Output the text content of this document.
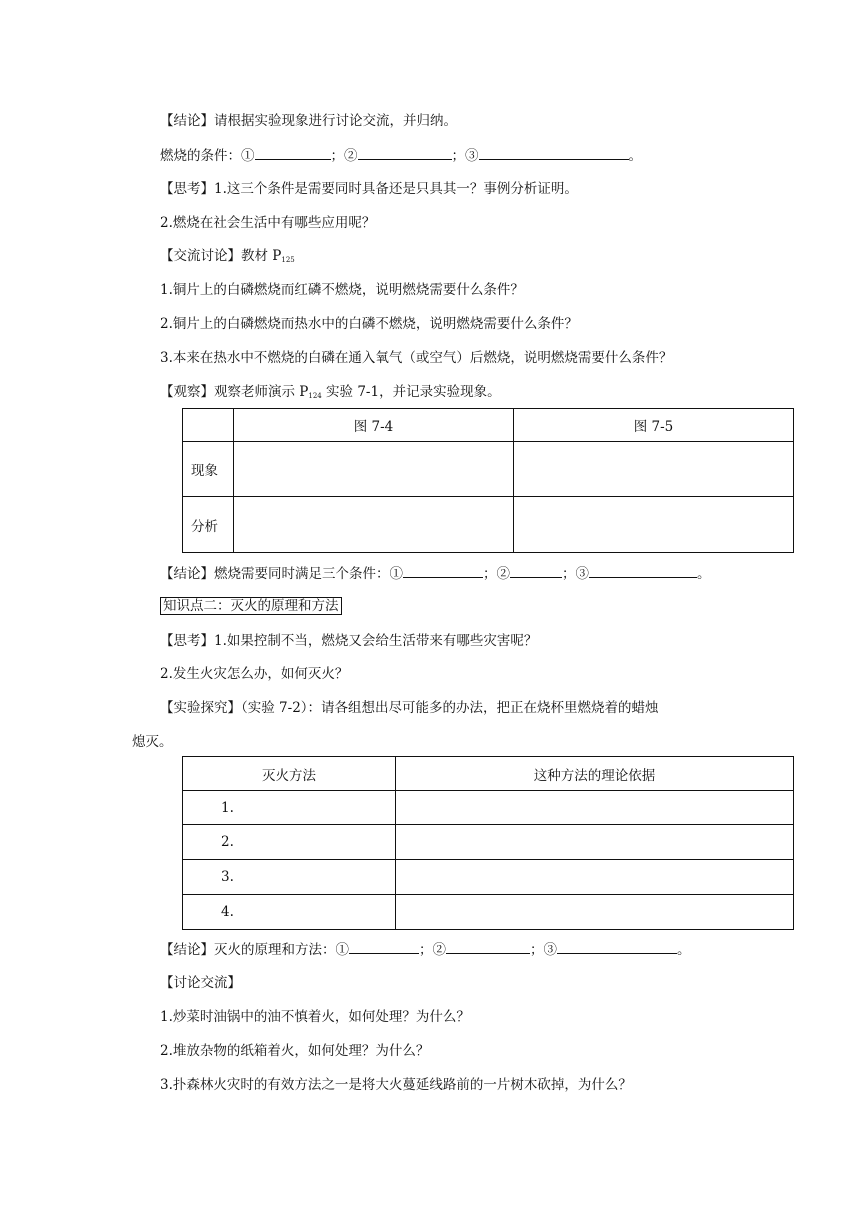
【结论】请根据实验现象进行讨论交流，并归纳。
燃烧的条件：①	；②	；③	。
【思考】1.这三个条件是需要同时具备还是只具其一？事例分析证明。
2.燃烧在社会生活中有哪些应用呢？
【交流讨论】教材 $P_{125}$
1.铜片上的白磷燃烧而红磷不燃烧，说明燃烧需要什么条件？
2.铜片上的白磷燃烧而热水中的白磷不燃烧，说明燃烧需要什么条件？
3.本来在热水中不燃烧的白磷在通入氧气（或空气）后燃烧，说明燃烧需要什么条件？
【观察】观察老师演示 $P_{124}$ 实验 7-1，并记录实验现象。
	图 7-4	图 7-5
现象		
分析		
【结论】燃烧需要同时满足三个条件：①	；②	；③	。
知识点二：灭火的原理和方法
【思考】1.如果控制不当，燃烧又会给生活带来有哪些灾害呢？
2.发生火灾怎么办，如何灭火？
【实验探究】（实验 7-2）：请各组想出尽可能多的办法，把正在烧杯里燃烧着的蜡烛
熄灭。
灭火方法	这种方法的理论依据
1.	
2.	
3.	
4.	
【结论】灭火的原理和方法：①	；②	；③	。
【讨论交流】
1.炒菜时油锅中的油不慎着火，如何处理？为什么？
2.堆放杂物的纸箱着火，如何处理？为什么？
3.扑森林火灾时的有效方法之一是将大火蔓延线路前的一片树木砍掉，为什么？
